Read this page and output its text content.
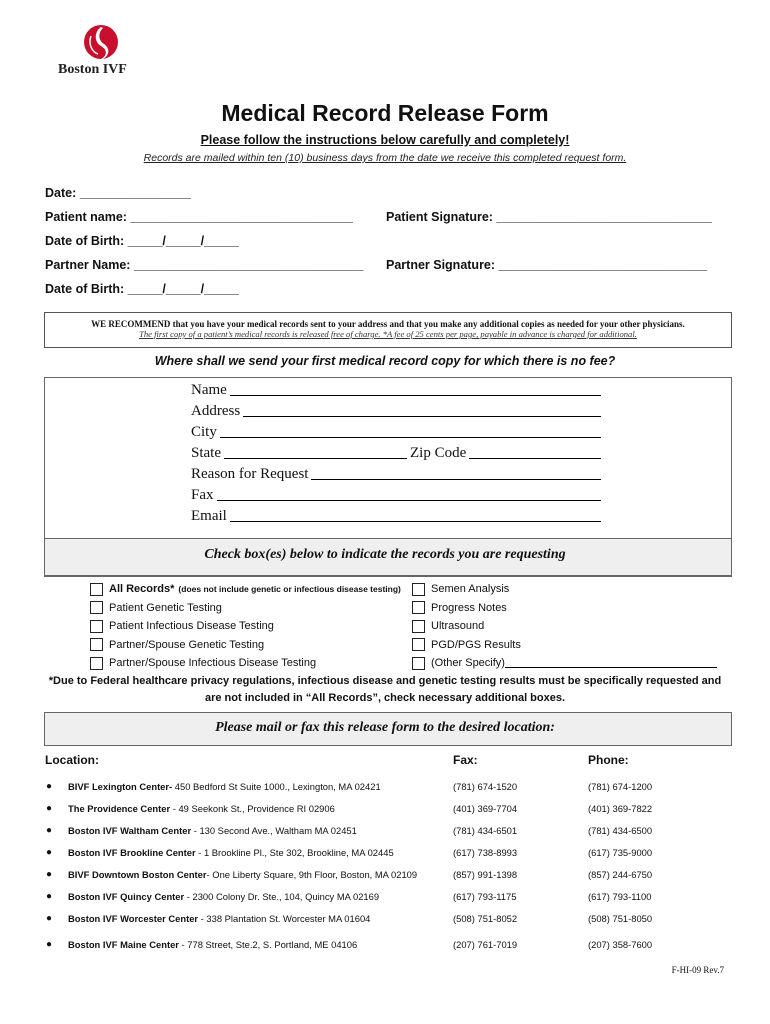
Boston IVF
Medical Record Release Form
Please follow the instructions below carefully and completely!
Records are mailed within ten (10) business days from the date we receive this completed request form.
Date: ________________
Patient name: ________________________________	Patient Signature: _______________________________
Date of Birth: _____/_____/_____
Partner Name: _________________________________ Partner Signature: ______________________________
Date of Birth: _____/_____/_____
WE RECOMMEND that you have your medical records sent to your address and that you make any additional copies as needed for your other physicians.
The first copy of a patient’s medical records is released free of charge. *A fee of 25 cents per page, payable in advance is charged for additional.
Where shall we send your first medical record copy for which there is no fee?
Name
Address
City
State	Zip Code
Reason for Request
Fax
Email
Check box(es) below to indicate the records you are requesting
All Records* (does not include genetic or infectious disease testing)
Patient Genetic Testing
Patient Infectious Disease Testing
Partner/Spouse Genetic Testing
Partner/Spouse Infectious Disease Testing
Semen Analysis
Progress Notes
Ultrasound
PGD/PGS Results
(Other Specify)
*Due to Federal healthcare privacy regulations, infectious disease and genetic testing results must be specifically requested and
are not included in “All Records”, check necessary additional boxes.
Please mail or fax this release form to the desired location:
Location:	Fax:	Phone:
● BIVF Lexington Center- 450 Bedford St Suite 1000., Lexington, MA 02421	(781) 674-1520	(781) 674-1200
● The Providence Center - 49 Seekonk St., Providence RI 02906	(401) 369-7704	(401) 369-7822
● Boston IVF Waltham Center - 130 Second Ave., Waltham MA 02451	(781) 434-6501	(781) 434-6500
● Boston IVF Brookline Center - 1 Brookline Pl., Ste 302, Brookline, MA 02445	(617) 738-8993	(617) 735-9000
● BIVF Downtown Boston Center- One Liberty Square, 9th Floor, Boston, MA 02109	(857) 991-1398	(857) 244-6750
● Boston IVF Quincy Center - 2300 Colony Dr. Ste., 104, Quincy MA 02169	(617) 793-1175	(617) 793-1100
● Boston IVF Worcester Center - 338 Plantation St. Worcester MA 01604	(508) 751-8052	(508) 751-8050
● Boston IVF Maine Center - 778 Street, Ste.2, S. Portland, ME 04106	(207) 761-7019	(207) 358-7600
F-HI-09 Rev.7
